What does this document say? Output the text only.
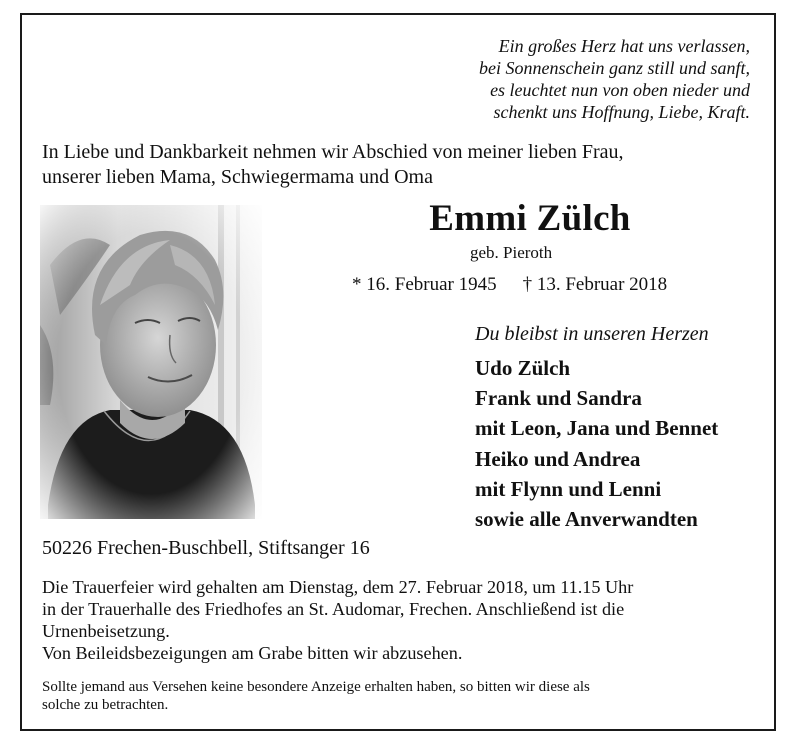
Ein großes Herz hat uns verlassen,
bei Sonnenschein ganz still und sanft,
es leuchtet nun von oben nieder und
schenkt uns Hoffnung, Liebe, Kraft.
In Liebe und Dankbarkeit nehmen wir Abschied von meiner lieben Frau,
unserer lieben Mama, Schwiegermama und Oma
Emmi Zülch
geb. Pieroth
* 16. Februar 1945 † 13. Februar 2018
Du bleibst in unseren Herzen
Udo Zülch
Frank und Sandra
mit Leon, Jana und Bennet
Heiko und Andrea
mit Flynn und Lenni
sowie alle Anverwandten
50226 Frechen-Buschbell, Stiftsanger 16
Die Trauerfeier wird gehalten am Dienstag, dem 27. Februar 2018, um 11.15 Uhr
in der Trauerhalle des Friedhofes an St. Audomar, Frechen. Anschließend ist die
Urnenbeisetzung.
Von Beileidsbezeigungen am Grabe bitten wir abzusehen.
Sollte jemand aus Versehen keine besondere Anzeige erhalten haben, so bitten wir diese als
solche zu betrachten.
